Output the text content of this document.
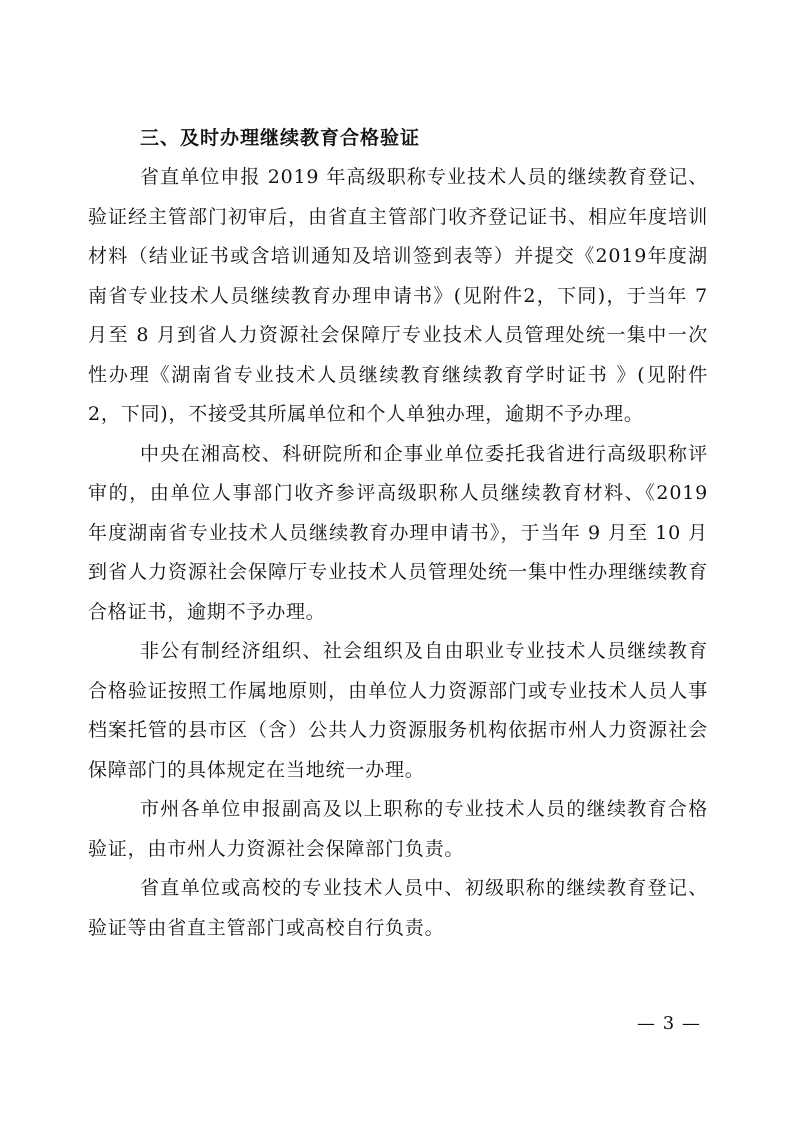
三、及时办理继续教育合格验证

省直单位申报 2019 年高级职称专业技术人员的继续教育登记、验证经主管部门初审后，由省直主管部门收齐登记证书、相应年度培训材料（结业证书或含培训通知及培训签到表等）并提交《2019年度湖南省专业技术人员继续教育办理申请书》(见附件2，下同)，于当年 7 月至 8 月到省人力资源社会保障厅专业技术人员管理处统一集中一次性办理《湖南省专业技术人员继续教育继续教育学时证书 》(见附件 2，下同)，不接受其所属单位和个人单独办理，逾期不予办理。

中央在湘高校、科研院所和企事业单位委托我省进行高级职称评审的，由单位人事部门收齐参评高级职称人员继续教育材料、《2019 年度湖南省专业技术人员继续教育办理申请书》，于当年 9 月至 10 月到省人力资源社会保障厅专业技术人员管理处统一集中性办理继续教育合格证书，逾期不予办理。

非公有制经济组织、社会组织及自由职业专业技术人员继续教育合格验证按照工作属地原则，由单位人力资源部门或专业技术人员人事档案托管的县市区（含）公共人力资源服务机构依据市州人力资源社会保障部门的具体规定在当地统一办理。

市州各单位申报副高及以上职称的专业技术人员的继续教育合格验证，由市州人力资源社会保障部门负责。

省直单位或高校的专业技术人员中、初级职称的继续教育登记、验证等由省直主管部门或高校自行负责。

— 3 —
